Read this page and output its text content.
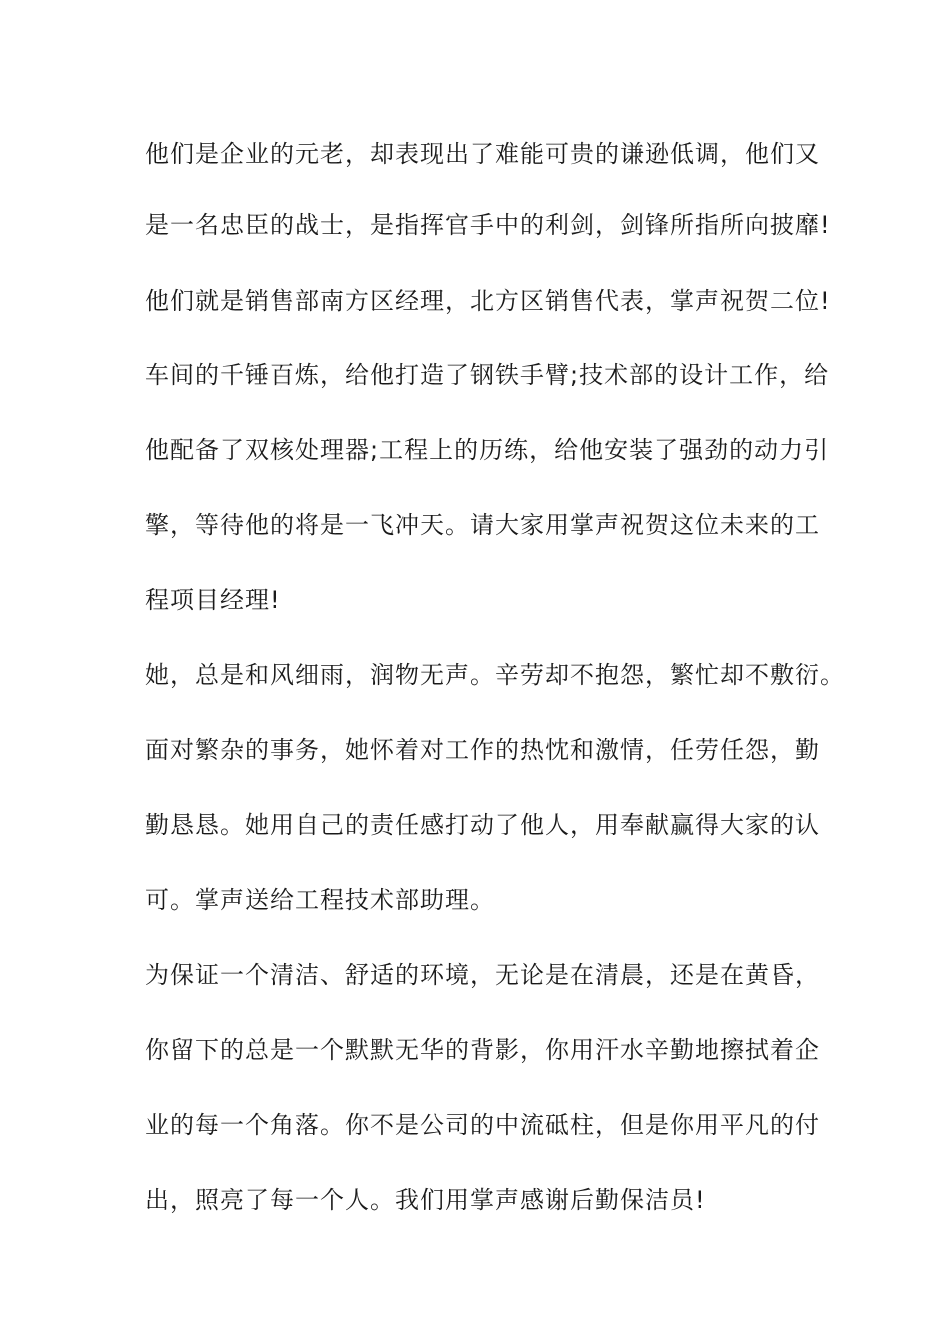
他们是企业的元老，却表现出了难能可贵的谦逊低调，他们又
是一名忠臣的战士，是指挥官手中的利剑，剑锋所指所向披靡!
他们就是销售部南方区经理，北方区销售代表，掌声祝贺二位!
车间的千锤百炼，给他打造了钢铁手臂;技术部的设计工作，给
他配备了双核处理器;工程上的历练，给他安装了强劲的动力引
擎，等待他的将是一飞冲天。请大家用掌声祝贺这位未来的工
程项目经理!
她，总是和风细雨，润物无声。辛劳却不抱怨，繁忙却不敷衍。
面对繁杂的事务，她怀着对工作的热忱和激情，任劳任怨，勤
勤恳恳。她用自己的责任感打动了他人，用奉献赢得大家的认
可。掌声送给工程技术部助理。
为保证一个清洁、舒适的环境，无论是在清晨，还是在黄昏，
你留下的总是一个默默无华的背影，你用汗水辛勤地擦拭着企
业的每一个角落。你不是公司的中流砥柱，但是你用平凡的付
出，照亮了每一个人。我们用掌声感谢后勤保洁员!
